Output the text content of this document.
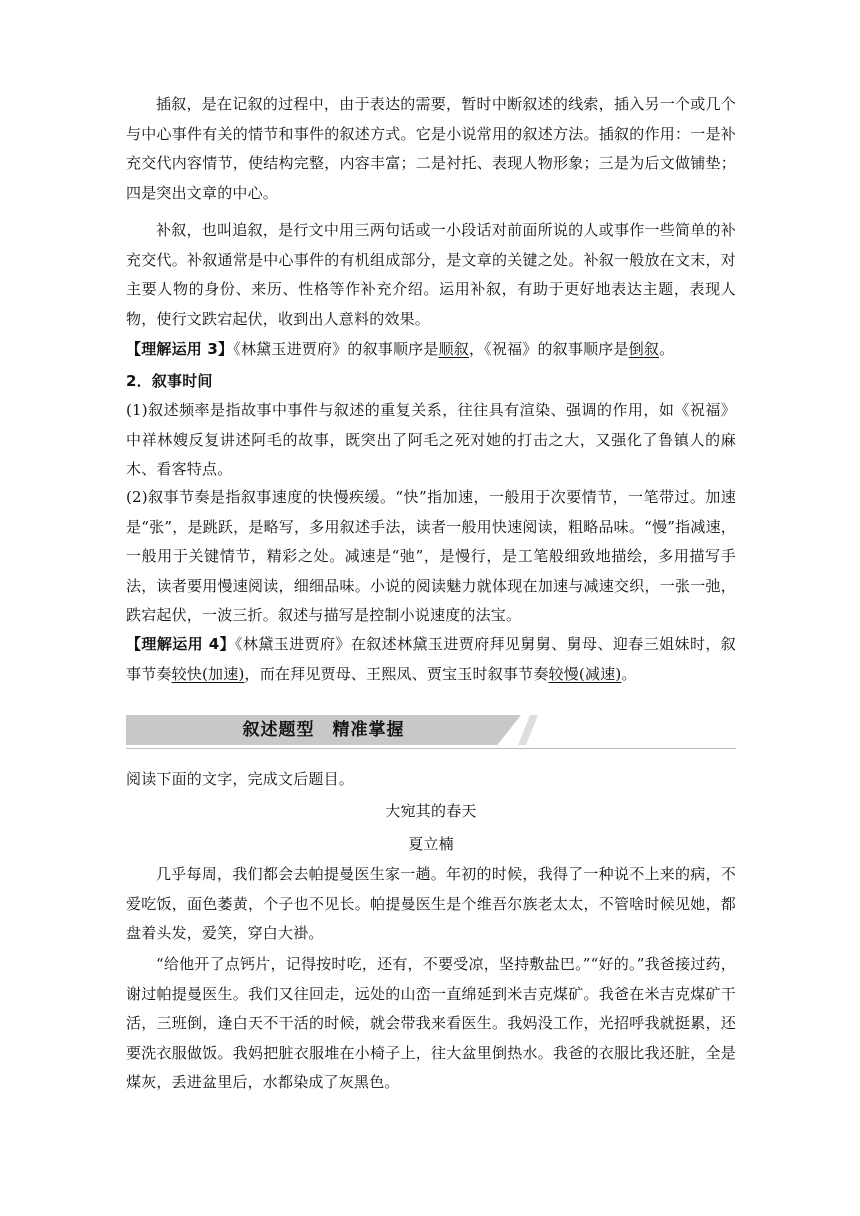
插叙，是在记叙的过程中，由于表达的需要，暂时中断叙述的线索，插入另一个或几个与中心事件有关的情节和事件的叙述方式。它是小说常用的叙述方法。插叙的作用：一是补充交代内容情节，使结构完整，内容丰富；二是衬托、表现人物形象；三是为后文做铺垫；四是突出文章的中心。

补叙，也叫追叙，是行文中用三两句话或一小段话对前面所说的人或事作一些简单的补充交代。补叙通常是中心事件的有机组成部分，是文章的关键之处。补叙一般放在文末，对主要人物的身份、来历、性格等作补充介绍。运用补叙，有助于更好地表达主题，表现人物，使行文跌宕起伏，收到出人意料的效果。

【理解运用 3】《林黛玉进贾府》的叙事顺序是顺叙，《祝福》的叙事顺序是倒叙。

2．叙事时间

(1)叙述频率是指故事中事件与叙述的重复关系，往往具有渲染、强调的作用，如《祝福》中祥林嫂反复讲述阿毛的故事，既突出了阿毛之死对她的打击之大，又强化了鲁镇人的麻木、看客特点。

(2)叙事节奏是指叙事速度的快慢疾缓。“快”指加速，一般用于次要情节，一笔带过。加速是“张”，是跳跃，是略写，多用叙述手法，读者一般用快速阅读，粗略品味。“慢”指减速，一般用于关键情节，精彩之处。减速是“弛”，是慢行，是工笔般细致地描绘，多用描写手法，读者要用慢速阅读，细细品味。小说的阅读魅力就体现在加速与减速交织，一张一弛，跌宕起伏，一波三折。叙述与描写是控制小说速度的法宝。

【理解运用 4】《林黛玉进贾府》在叙述林黛玉进贾府拜见舅舅、舅母、迎春三姐妹时，叙事节奏较快(加速)，而在拜见贾母、王熙凤、贾宝玉时叙事节奏较慢(减速)。

叙述题型　精准掌握

阅读下面的文字，完成文后题目。

大宛其的春天

夏立楠

几乎每周，我们都会去帕提曼医生家一趟。年初的时候，我得了一种说不上来的病，不爱吃饭，面色萎黄，个子也不见长。帕提曼医生是个维吾尔族老太太，不管啥时候见她，都盘着头发，爱笑，穿白大褂。

“给他开了点钙片，记得按时吃，还有，不要受凉，坚持敷盐巴。”“好的。”我爸接过药，谢过帕提曼医生。我们又往回走，远处的山峦一直绵延到米吉克煤矿。我爸在米吉克煤矿干活，三班倒，逢白天不干活的时候，就会带我来看医生。我妈没工作，光招呼我就挺累，还要洗衣服做饭。我妈把脏衣服堆在小椅子上，往大盆里倒热水。我爸的衣服比我还脏，全是煤灰，丢进盆里后，水都染成了灰黑色。
